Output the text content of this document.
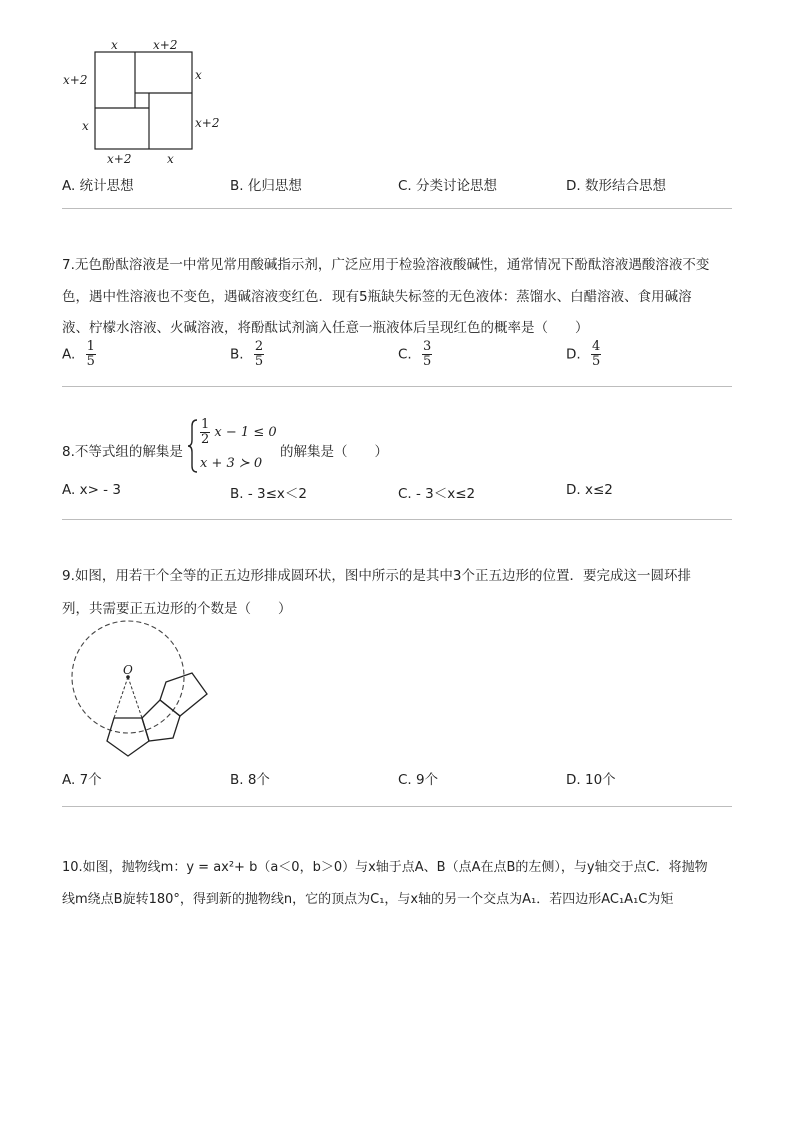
x	x+2
x+2	x
x	x+2
x+2	x
A. 统计思想	B. 化归思想	C. 分类讨论思想	D. 数形结合思想
7.无色酚酞溶液是一中常见常用酸碱指示剂，广泛应用于检验溶液酸碱性，通常情况下酚酞溶液遇酸溶液不变
色，遇中性溶液也不变色，遇碱溶液变红色．现有5瓶缺失标签的无色液体：蒸馏水、白醋溶液、食用碱溶
液、柠檬水溶液、火碱溶液，将酚酞试剂滴入任意一瓶液体后呈现红色的概率是（　　）
A. $\frac{1}{5}$	B. $\frac{2}{5}$	C. $\frac{3}{5}$	D. $\frac{4}{5}$
8.不等式组的解集是
$\frac{1}{2}$ x − 1 ≤ 0
x + 3 ≻ 0
的解集是（　　）
A. x> - 3	B. - 3≤x＜2	C. - 3＜x≤2	D. x≤2
9.如图，用若干个全等的正五边形排成圆环状，图中所示的是其中3个正五边形的位置．要完成这一圆环排
列，共需要正五边形的个数是（　　）
O
A. 7个	B. 8个	C. 9个	D. 10个
10.如图，抛物线m：y = ax²+ b（a＜0，b＞0）与x轴于点A、B（点A在点B的左侧），与y轴交于点C．将抛物
线m绕点B旋转180°，得到新的抛物线n，它的顶点为C₁，与x轴的另一个交点为A₁．若四边形AC₁A₁C为矩
